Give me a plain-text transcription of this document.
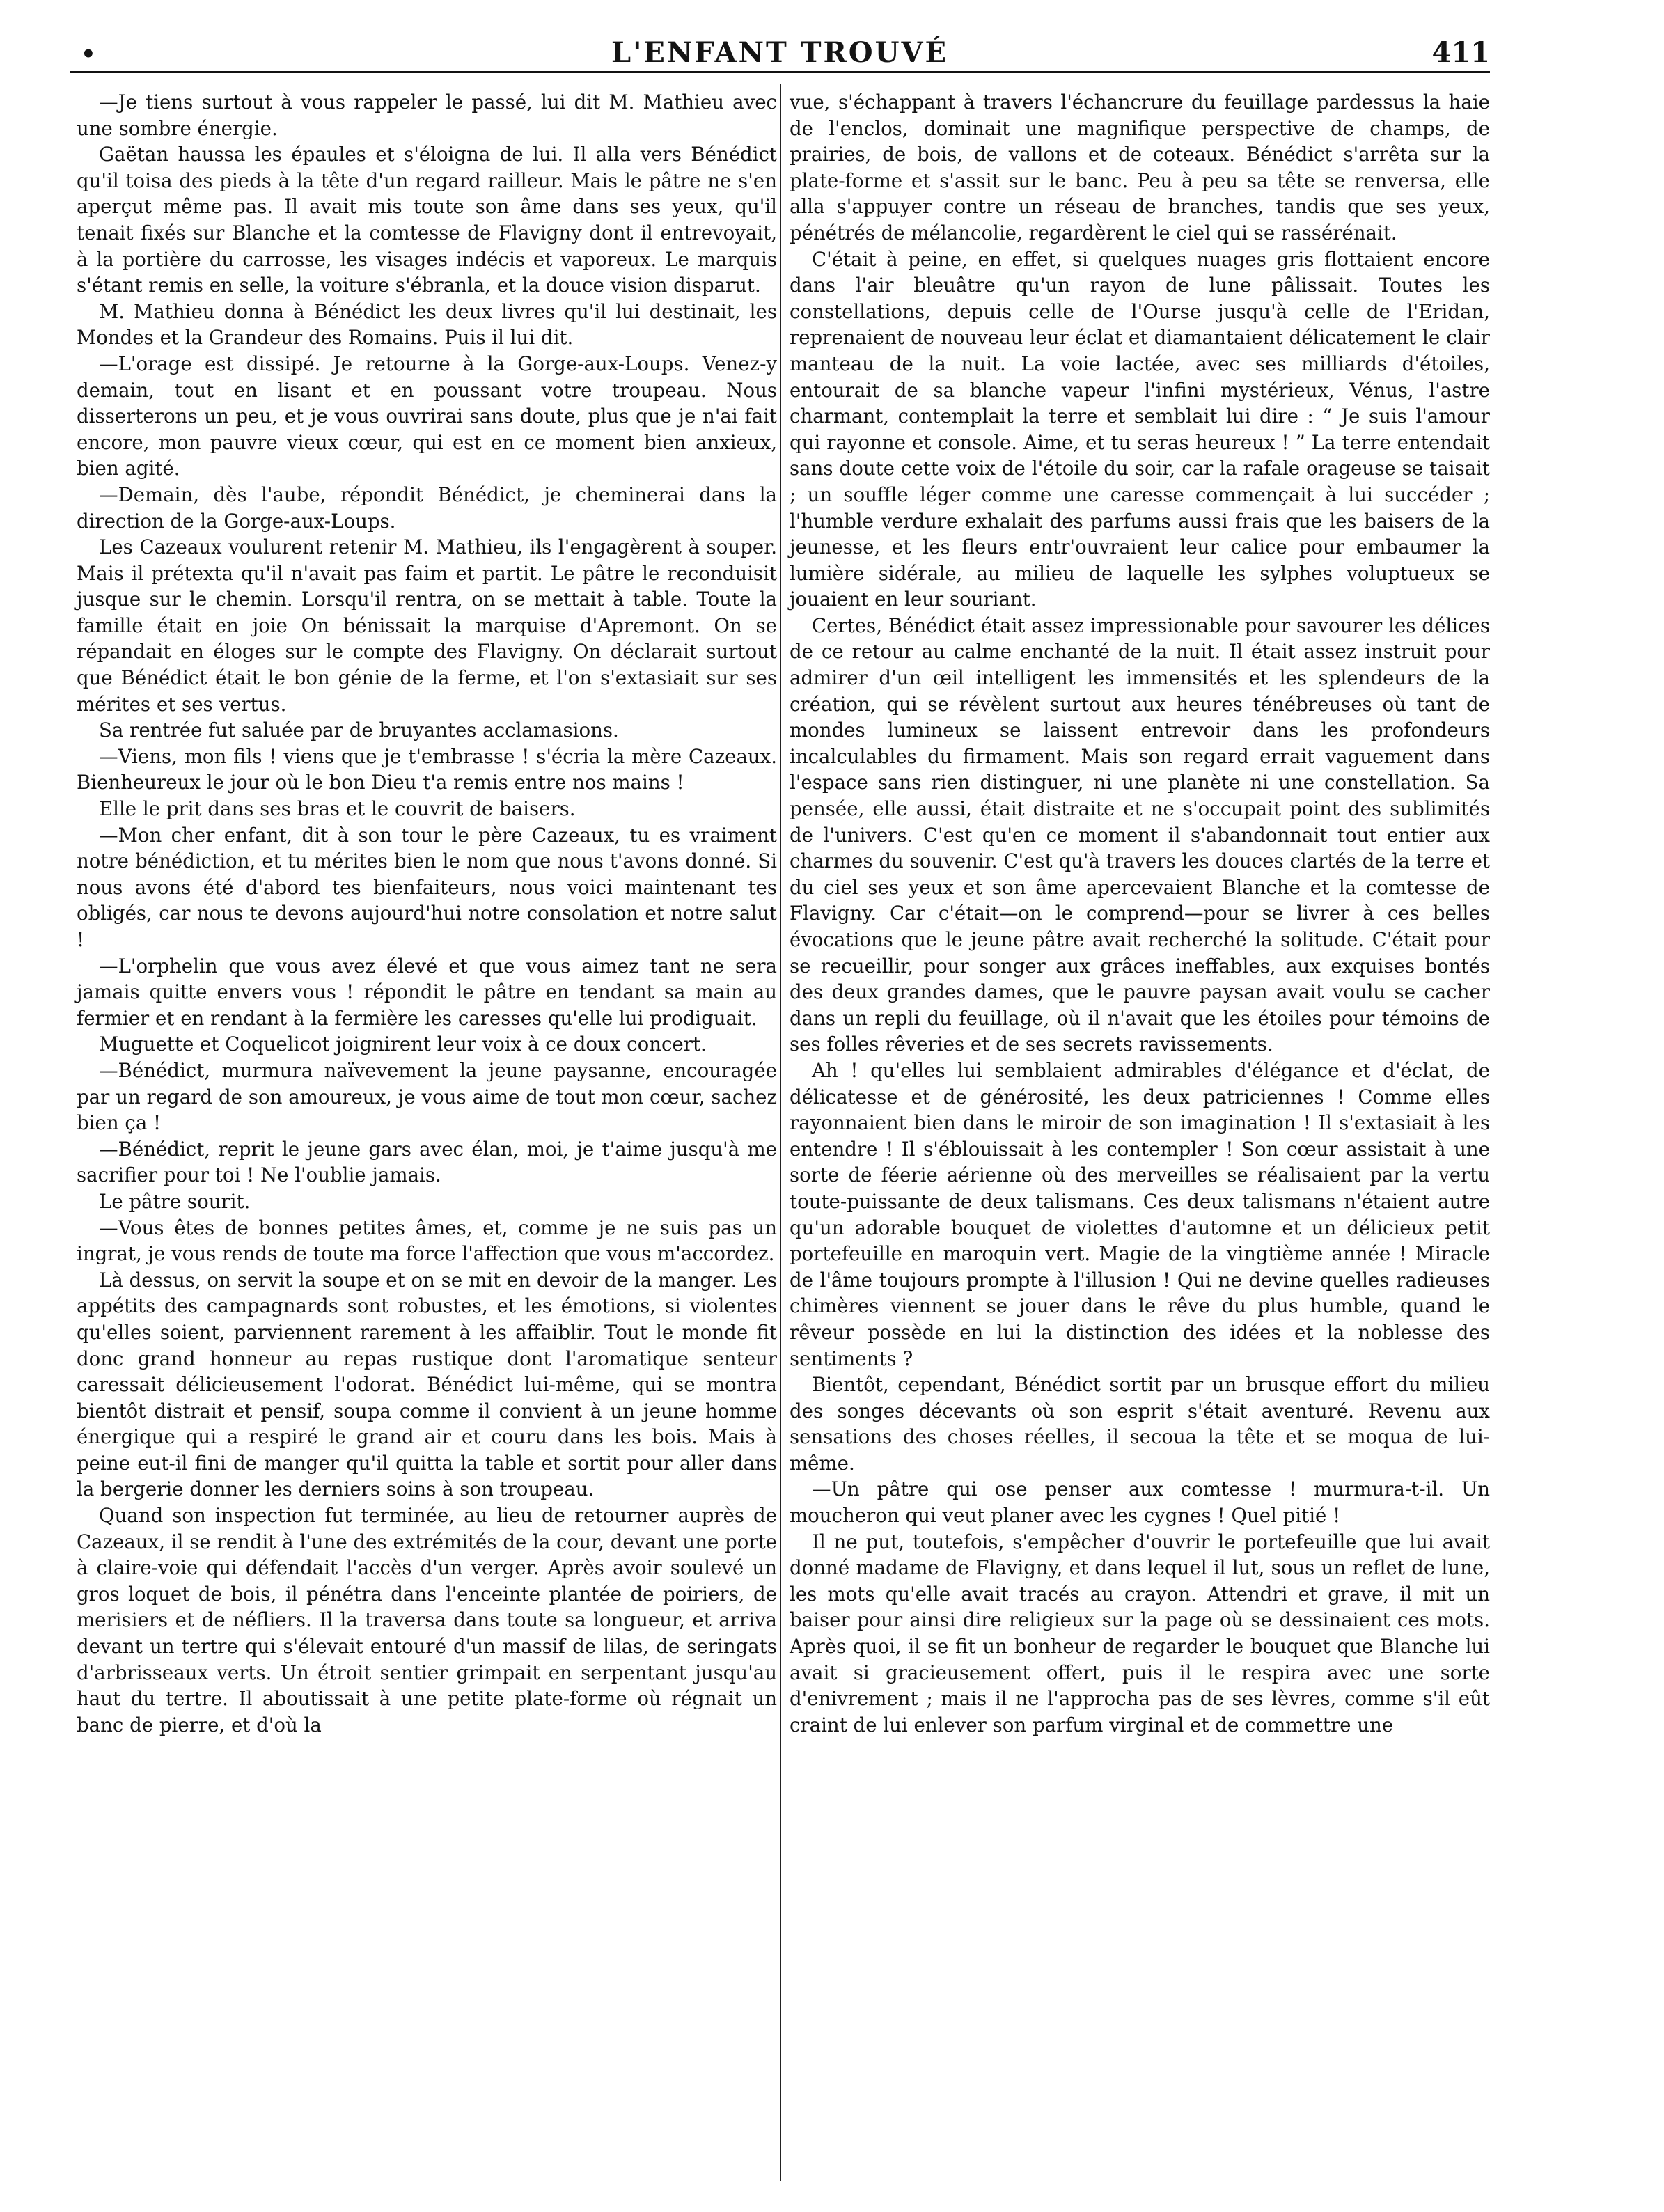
•	L'ENFANT TROUVÉ	411

—Je tiens surtout à vous rappeler le passé, lui dit M. Mathieu avec une sombre énergie.

Gaëtan haussa les épaules et s'éloigna de lui. Il alla vers Bénédict qu'il toisa des pieds à la tête d'un regard railleur. Mais le pâtre ne s'en aperçut même pas. Il avait mis toute son âme dans ses yeux, qu'il tenait fixés sur Blanche et la comtesse de Flavigny dont il entrevoyait, à la portière du carrosse, les visages indécis et vaporeux. Le marquis s'étant remis en selle, la voiture s'ébranla, et la douce vision disparut.

M. Mathieu donna à Bénédict les deux livres qu'il lui destinait, les Mondes et la Grandeur des Romains. Puis il lui dit.

—L'orage est dissipé. Je retourne à la Gorge-aux-Loups. Venez-y demain, tout en lisant et en poussant votre troupeau. Nous disserterons un peu, et je vous ouvrirai sans doute, plus que je n'ai fait encore, mon pauvre vieux cœur, qui est en ce moment bien anxieux, bien agité.

—Demain, dès l'aube, répondit Bénédict, je cheminerai dans la direction de la Gorge-aux-Loups.

Les Cazeaux voulurent retenir M. Mathieu, ils l'engagèrent à souper. Mais il prétexta qu'il n'avait pas faim et partit. Le pâtre le reconduisit jusque sur le chemin. Lorsqu'il rentra, on se mettait à table. Toute la famille était en joie On bénissait la marquise d'Apremont. On se répandait en éloges sur le compte des Flavigny. On déclarait surtout que Bénédict était le bon génie de la ferme, et l'on s'extasiait sur ses mérites et ses vertus.

Sa rentrée fut saluée par de bruyantes acclamasions.

—Viens, mon fils ! viens que je t'embrasse ! s'écria la mère Cazeaux. Bienheureux le jour où le bon Dieu t'a remis entre nos mains !

Elle le prit dans ses bras et le couvrit de baisers.

—Mon cher enfant, dit à son tour le père Cazeaux, tu es vraiment notre bénédiction, et tu mérites bien le nom que nous t'avons donné. Si nous avons été d'abord tes bienfaiteurs, nous voici maintenant tes obligés, car nous te devons aujourd'hui notre consolation et notre salut !

—L'orphelin que vous avez élevé et que vous aimez tant ne sera jamais quitte envers vous ! répondit le pâtre en tendant sa main au fermier et en rendant à la fermière les caresses qu'elle lui prodiguait.

Muguette et Coquelicot joignirent leur voix à ce doux concert.

—Bénédict, murmura naïvevement la jeune paysanne, encouragée par un regard de son amoureux, je vous aime de tout mon cœur, sachez bien ça !

—Bénédict, reprit le jeune gars avec élan, moi, je t'aime jusqu'à me sacrifier pour toi ! Ne l'oublie jamais.

Le pâtre sourit.

—Vous êtes de bonnes petites âmes, et, comme je ne suis pas un ingrat, je vous rends de toute ma force l'affection que vous m'accordez.

Là dessus, on servit la soupe et on se mit en devoir de la manger. Les appétits des campagnards sont robustes, et les émotions, si violentes qu'elles soient, parviennent rarement à les affaiblir. Tout le monde fit donc grand honneur au repas rustique dont l'aromatique senteur caressait délicieusement l'odorat. Bénédict lui-même, qui se montra bientôt distrait et pensif, soupa comme il convient à un jeune homme énergique qui a respiré le grand air et couru dans les bois. Mais à peine eut-il fini de manger qu'il quitta la table et sortit pour aller dans la bergerie donner les derniers soins à son troupeau.

Quand son inspection fut terminée, au lieu de retourner auprès de Cazeaux, il se rendit à l'une des extrémités de la cour, devant une porte à claire-voie qui défendait l'accès d'un verger. Après avoir soulevé un gros loquet de bois, il pénétra dans l'enceinte plantée de poiriers, de merisiers et de néfliers. Il la traversa dans toute sa longueur, et arriva devant un tertre qui s'élevait entouré d'un massif de lilas, de seringats d'arbrisseaux verts. Un étroit sentier grimpait en serpentant jusqu'au haut du tertre. Il aboutissait à une petite plate-forme où régnait un banc de pierre, et d'où la

vue, s'échappant à travers l'échancrure du feuillage pardessus la haie de l'enclos, dominait une magnifique perspective de champs, de prairies, de bois, de vallons et de coteaux. Bénédict s'arrêta sur la plate-forme et s'assit sur le banc. Peu à peu sa tête se renversa, elle alla s'appuyer contre un réseau de branches, tandis que ses yeux, pénétrés de mélancolie, regardèrent le ciel qui se rassérénait.

C'était à peine, en effet, si quelques nuages gris flottaient encore dans l'air bleuâtre qu'un rayon de lune pâlissait. Toutes les constellations, depuis celle de l'Ourse jusqu'à celle de l'Eridan, reprenaient de nouveau leur éclat et diamantaient délicatement le clair manteau de la nuit. La voie lactée, avec ses milliards d'étoiles, entourait de sa blanche vapeur l'infini mystérieux, Vénus, l'astre charmant, contemplait la terre et semblait lui dire : “ Je suis l'amour qui rayonne et console. Aime, et tu seras heureux ! ” La terre entendait sans doute cette voix de l'étoile du soir, car la rafale orageuse se taisait ; un souffle léger comme une caresse commençait à lui succéder ; l'humble verdure exhalait des parfums aussi frais que les baisers de la jeunesse, et les fleurs entr'ouvraient leur calice pour embaumer la lumière sidérale, au milieu de laquelle les sylphes voluptueux se jouaient en leur souriant.

Certes, Bénédict était assez impressionable pour savourer les délices de ce retour au calme enchanté de la nuit. Il était assez instruit pour admirer d'un œil intelligent les immensités et les splendeurs de la création, qui se révèlent surtout aux heures ténébreuses où tant de mondes lumineux se laissent entrevoir dans les profondeurs incalculables du firmament. Mais son regard errait vaguement dans l'espace sans rien distinguer, ni une planète ni une constellation. Sa pensée, elle aussi, était distraite et ne s'occupait point des sublimités de l'univers. C'est qu'en ce moment il s'abandonnait tout entier aux charmes du souvenir. C'est qu'à travers les douces clartés de la terre et du ciel ses yeux et son âme apercevaient Blanche et la comtesse de Flavigny. Car c'était—on le comprend—pour se livrer à ces belles évocations que le jeune pâtre avait recherché la solitude. C'était pour se recueillir, pour songer aux grâces ineffables, aux exquises bontés des deux grandes dames, que le pauvre paysan avait voulu se cacher dans un repli du feuillage, où il n'avait que les étoiles pour témoins de ses folles rêveries et de ses secrets ravissements.

Ah ! qu'elles lui semblaient admirables d'élégance et d'éclat, de délicatesse et de générosité, les deux patriciennes ! Comme elles rayonnaient bien dans le miroir de son imagination ! Il s'extasiait à les entendre ! Il s'éblouissait à les contempler ! Son cœur assistait à une sorte de féerie aérienne où des merveilles se réalisaient par la vertu toute-puissante de deux talismans. Ces deux talismans n'étaient autre qu'un adorable bouquet de violettes d'automne et un délicieux petit portefeuille en maroquin vert. Magie de la vingtième année ! Miracle de l'âme toujours prompte à l'illusion ! Qui ne devine quelles radieuses chimères viennent se jouer dans le rêve du plus humble, quand le rêveur possède en lui la distinction des idées et la noblesse des sentiments ?

Bientôt, cependant, Bénédict sortit par un brusque effort du milieu des songes décevants où son esprit s'était aventuré. Revenu aux sensations des choses réelles, il secoua la tête et se moqua de lui-même.

—Un pâtre qui ose penser aux comtesse ! murmura-t-il. Un moucheron qui veut planer avec les cygnes ! Quel pitié !

Il ne put, toutefois, s'empêcher d'ouvrir le portefeuille que lui avait donné madame de Flavigny, et dans lequel il lut, sous un reflet de lune, les mots qu'elle avait tracés au crayon. Attendri et grave, il mit un baiser pour ainsi dire religieux sur la page où se dessinaient ces mots. Après quoi, il se fit un bonheur de regarder le bouquet que Blanche lui avait si gracieusement offert, puis il le respira avec une sorte d'enivrement ; mais il ne l'approcha pas de ses lèvres, comme s'il eût craint de lui enlever son parfum virginal et de commettre une
